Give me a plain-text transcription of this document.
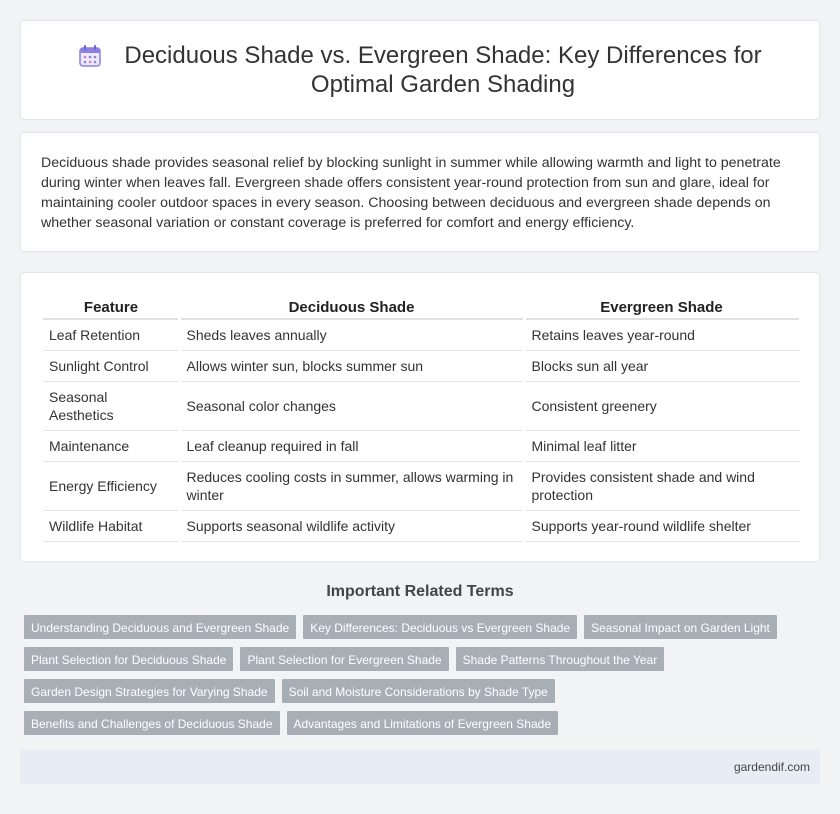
Deciduous Shade vs. Evergreen Shade: Key Differences for Optimal Garden Shading

Deciduous shade provides seasonal relief by blocking sunlight in summer while allowing warmth and light to penetrate during winter when leaves fall. Evergreen shade offers consistent year-round protection from sun and glare, ideal for maintaining cooler outdoor spaces in every season. Choosing between deciduous and evergreen shade depends on whether seasonal variation or constant coverage is preferred for comfort and energy efficiency.

Feature	Deciduous Shade	Evergreen Shade
Leaf Retention	Sheds leaves annually	Retains leaves year-round
Sunlight Control	Allows winter sun, blocks summer sun	Blocks sun all year
Seasonal Aesthetics	Seasonal color changes	Consistent greenery
Maintenance	Leaf cleanup required in fall	Minimal leaf litter
Energy Efficiency	Reduces cooling costs in summer, allows warming in winter	Provides consistent shade and wind protection
Wildlife Habitat	Supports seasonal wildlife activity	Supports year-round wildlife shelter
Important Related Terms
Understanding Deciduous and Evergreen Shade	Key Differences: Deciduous vs Evergreen Shade	Seasonal Impact on Garden Light
Plant Selection for Deciduous Shade	Plant Selection for Evergreen Shade	Shade Patterns Throughout the Year
Garden Design Strategies for Varying Shade	Soil and Moisture Considerations by Shade Type
Benefits and Challenges of Deciduous Shade	Advantages and Limitations of Evergreen Shade
gardendif.com
